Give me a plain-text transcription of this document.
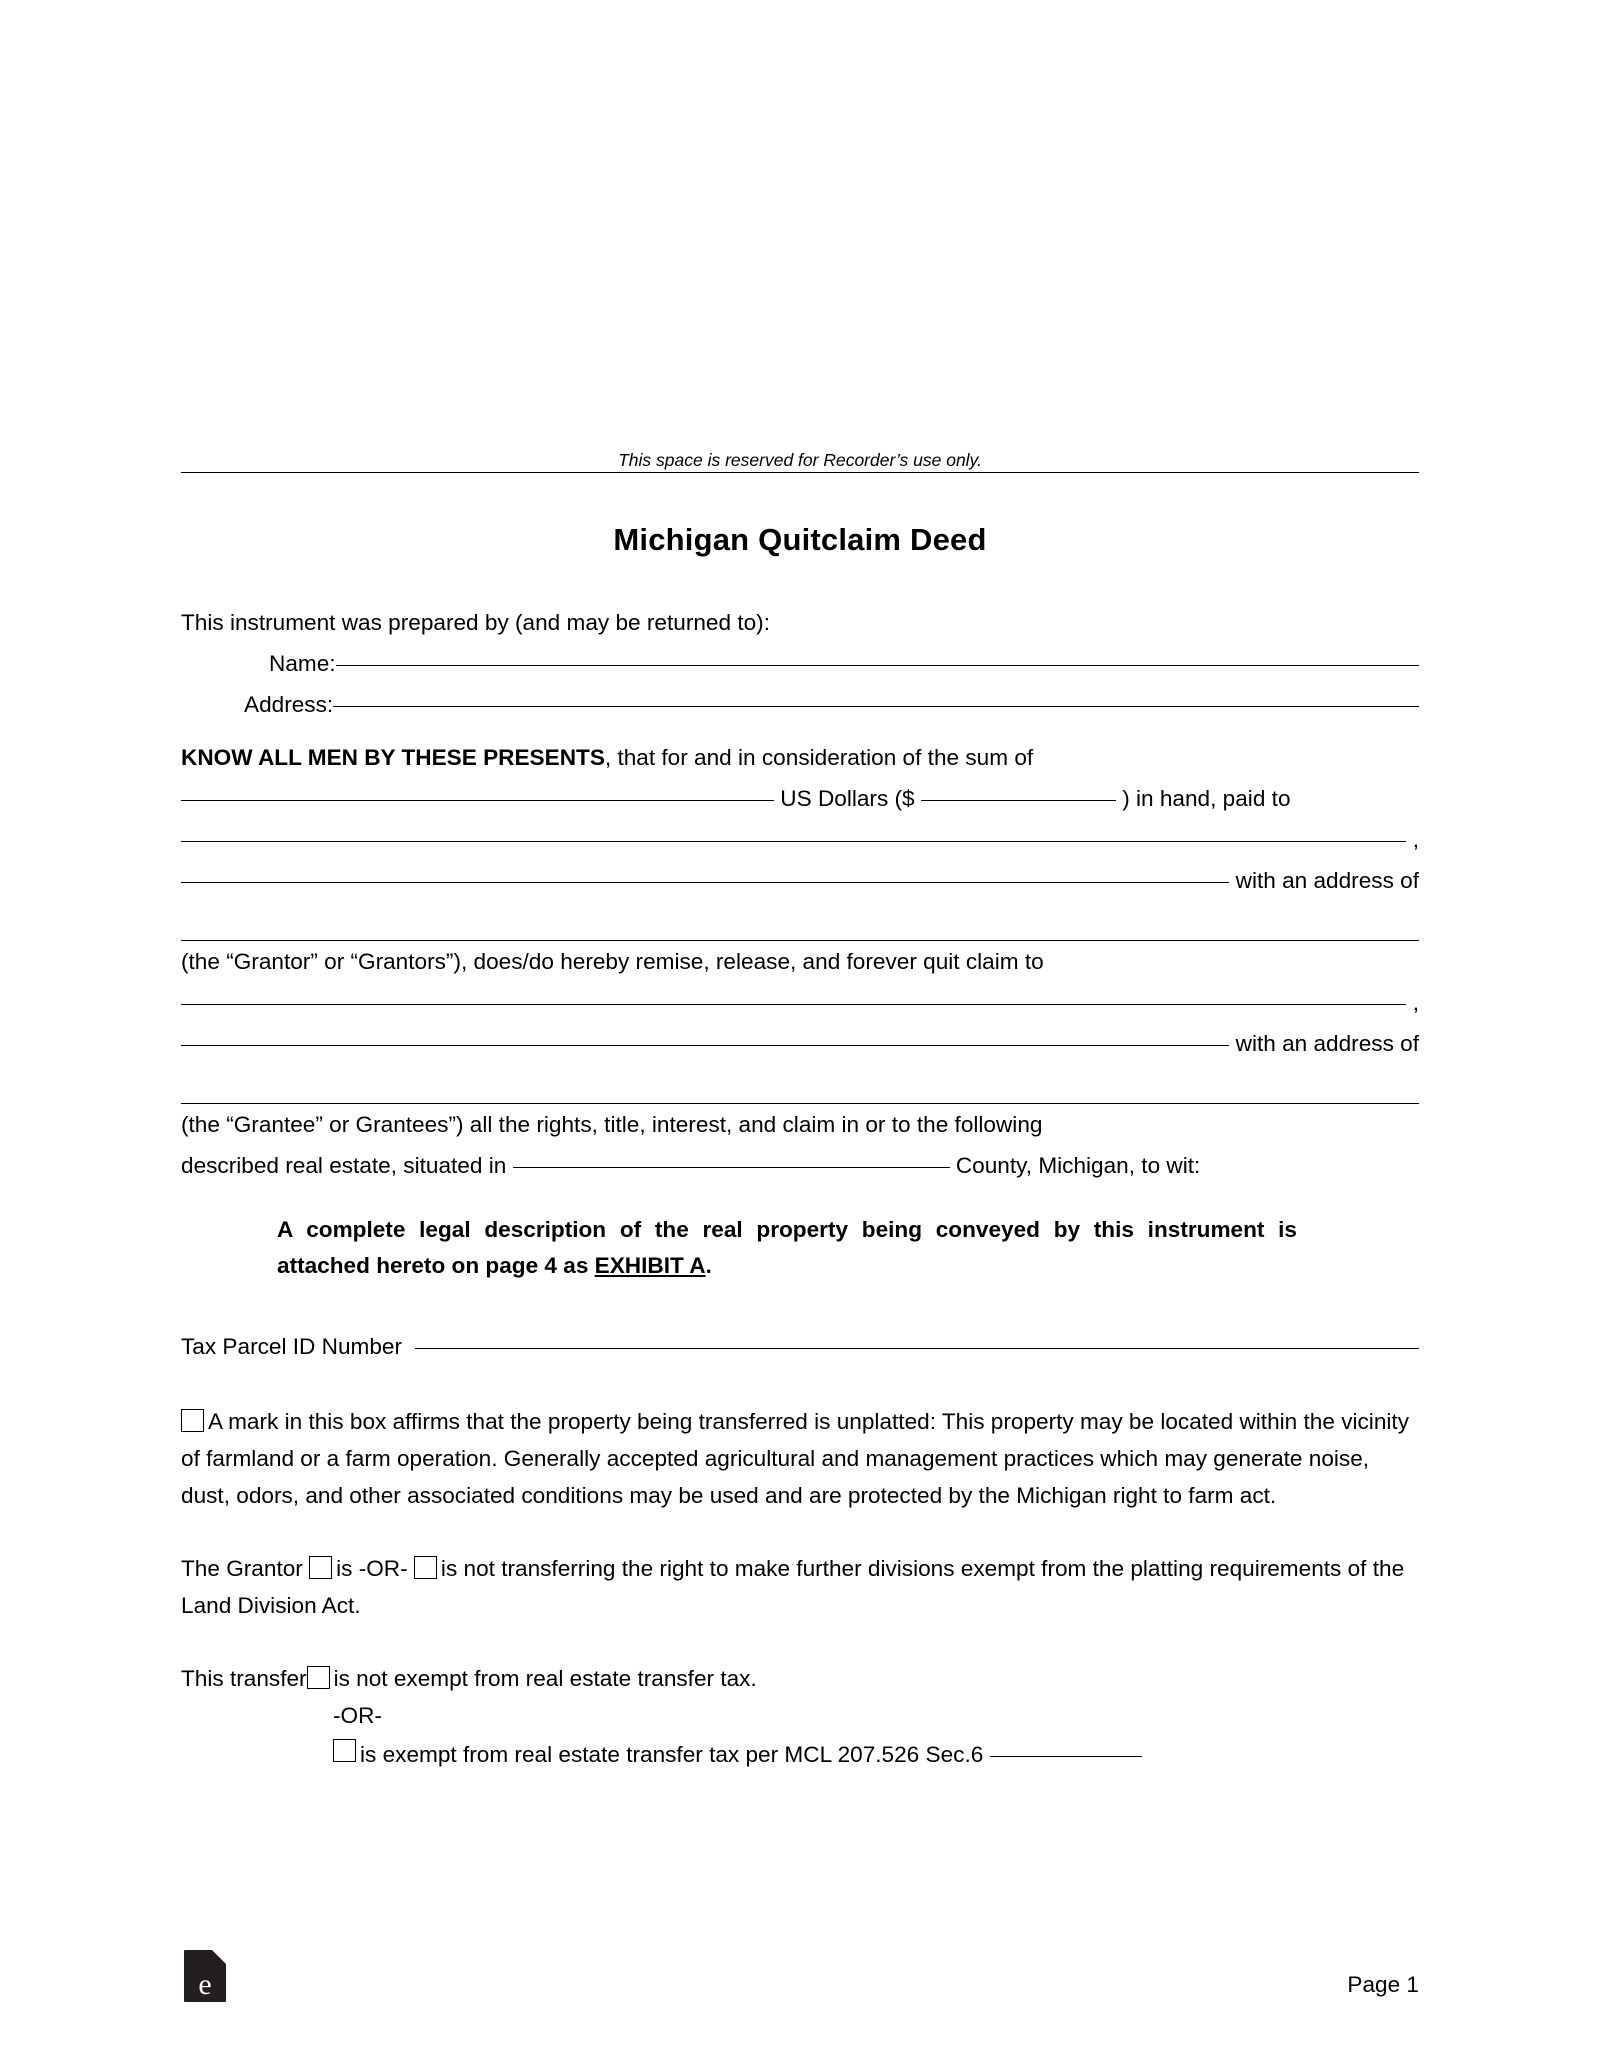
This space is reserved for Recorder’s use only.
Michigan Quitclaim Deed

This instrument was prepared by (and may be returned to):

Name:
Address:

KNOW ALL MEN BY THESE PRESENTS, that for and in consideration of the sum of

US Dollars ($

	) in hand, paid to

,

with an address of

(the “Grantor” or “Grantors”), does/do hereby remise, release, and forever quit claim to

,

with an address of

(the “Grantee” or Grantees”) all the rights, title, interest, and claim in or to the following

described real estate, situated in

	County, Michigan, to wit:

A complete legal description of the real property being conveyed by this instrument is attached hereto on page 4 as EXHIBIT A.

Tax Parcel ID Number

A mark in this box affirms that the property being transferred is unplatted: This property may be located within the vicinity of farmland or a farm operation. Generally accepted agricultural and management practices which may generate noise, dust, odors, and other associated conditions may be used and are protected by the Michigan right to farm act.

The Grantor is -OR- is not transferring the right to make further divisions exempt from the platting requirements of the Land Division Act.

This transfer is not exempt from real estate transfer tax.

-OR-

is exempt from real estate transfer tax per MCL 207.526 Sec.6

e	Page 1
